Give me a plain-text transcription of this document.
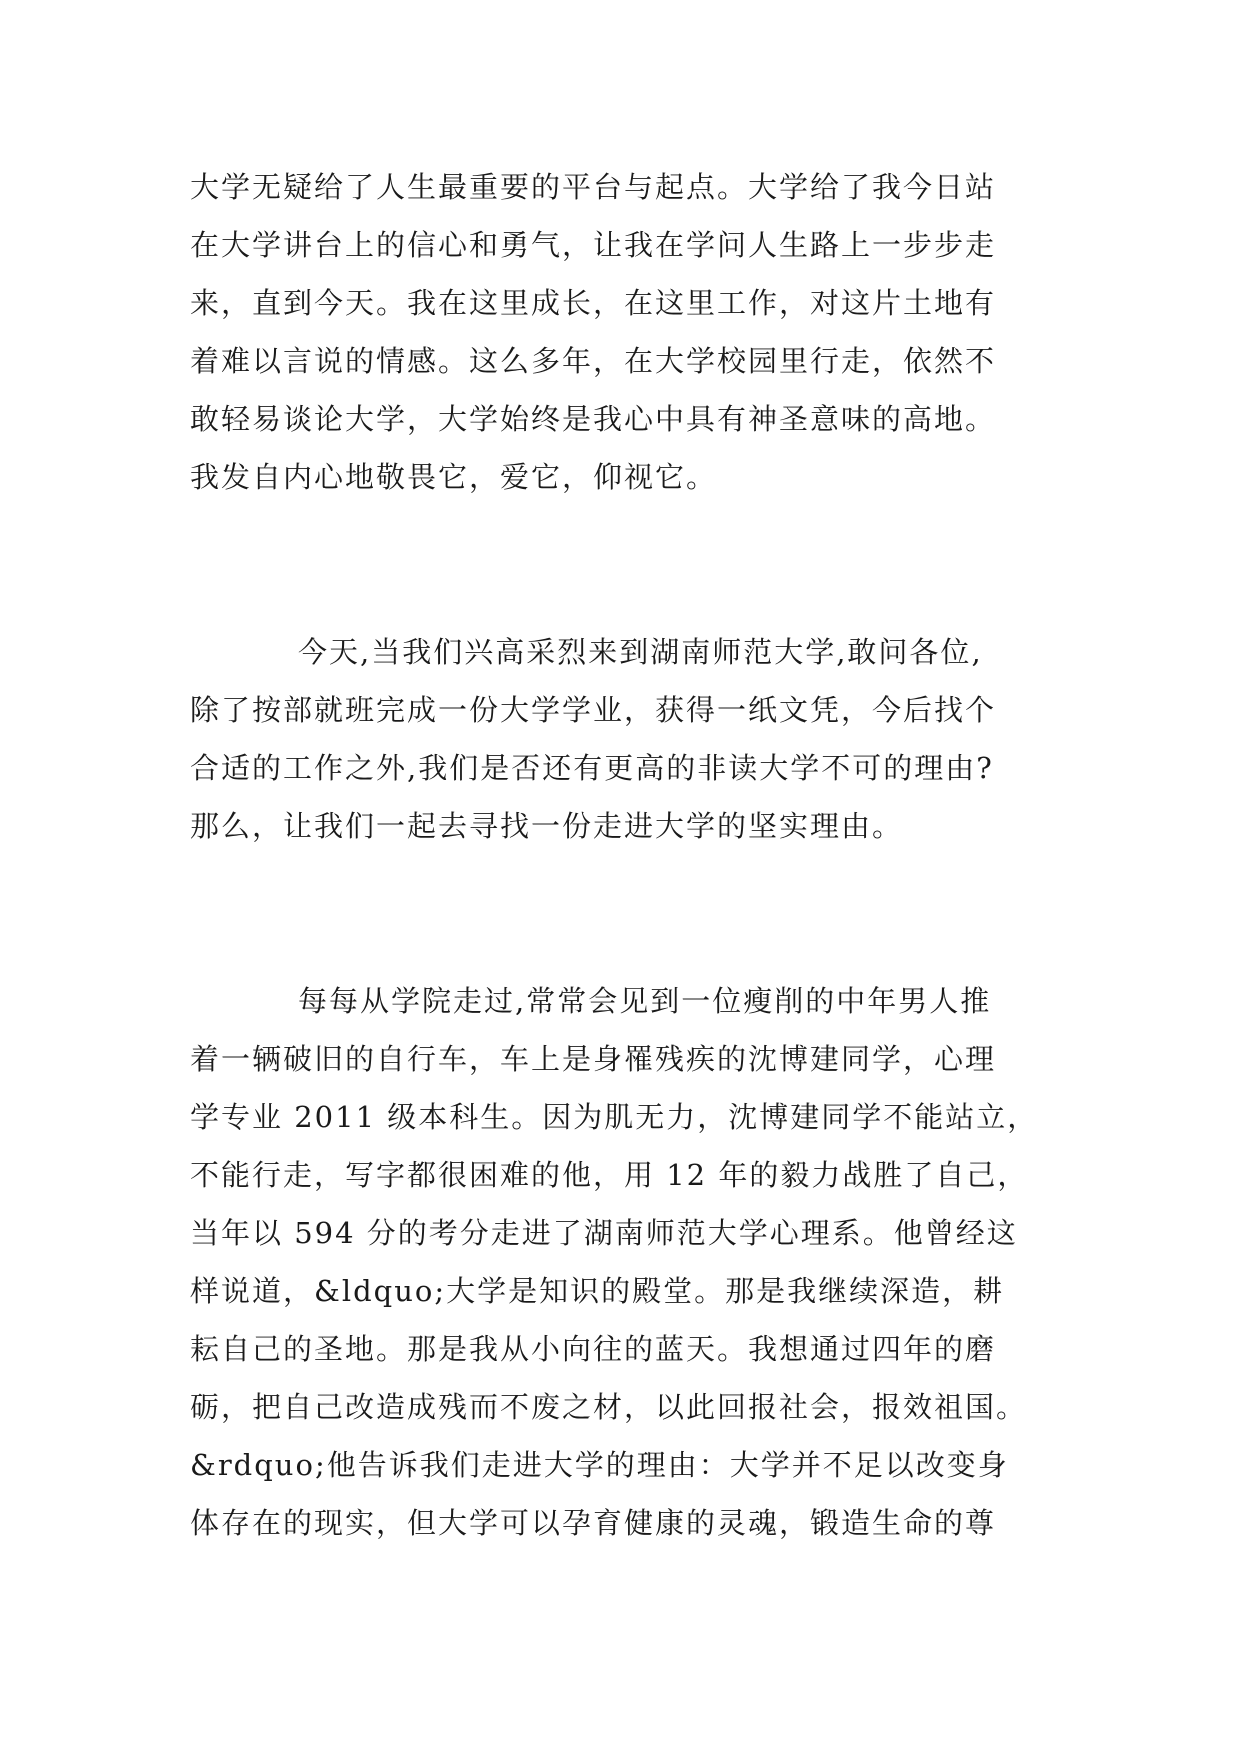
大学无疑给了人生最重要的平台与起点。大学给了我今日站
在大学讲台上的信心和勇气，让我在学问人生路上一步步走
来，直到今天。我在这里成长，在这里工作，对这片土地有
着难以言说的情感。这么多年，在大学校园里行走，依然不
敢轻易谈论大学，大学始终是我心中具有神圣意味的高地。
我发自内心地敬畏它，爱它，仰视它。
今天,当我们兴高采烈来到湖南师范大学,敢问各位,
除了按部就班完成一份大学学业，获得一纸文凭，今后找个
合适的工作之外,我们是否还有更高的非读大学不可的理由?
那么，让我们一起去寻找一份走进大学的坚实理由。
每每从学院走过,常常会见到一位瘦削的中年男人推
着一辆破旧的自行车，车上是身罹残疾的沈博建同学，心理
学专业 2011 级本科生。因为肌无力，沈博建同学不能站立，
不能行走，写字都很困难的他，用 12 年的毅力战胜了自己，
当年以 594 分的考分走进了湖南师范大学心理系。他曾经这
样说道，&ldquo;大学是知识的殿堂。那是我继续深造，耕
耘自己的圣地。那是我从小向往的蓝天。我想通过四年的磨
砺，把自己改造成残而不废之材，以此回报社会，报效祖国。
&rdquo;他告诉我们走进大学的理由：大学并不足以改变身
体存在的现实，但大学可以孕育健康的灵魂，锻造生命的尊
